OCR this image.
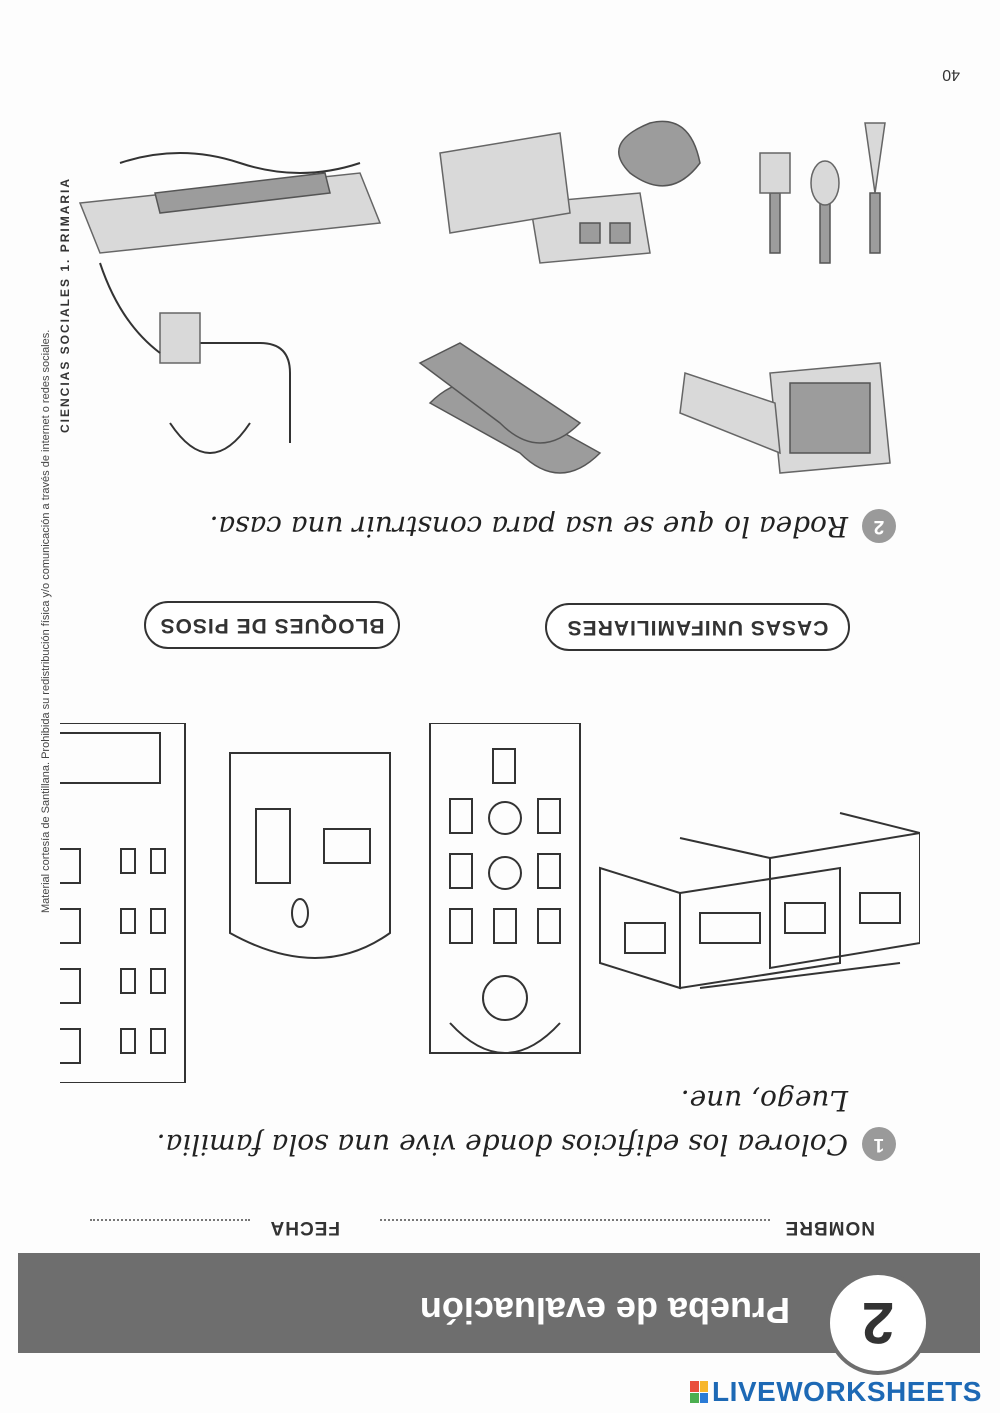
2
Prueba de evaluación
NOMBRE
FECHA
1
Colorea los edificios donde vive una sola familia.
Luego, une.
CASAS UNIFAMILIARES
BLOQUES DE PISOS
2
Rodea lo que se usa para construir una casa.
CIENCIAS SOCIALES 1. PRIMARIA
Material cortesía de Santillana. Prohibida su redistribución física y/o comunicación a través de internet o redes sociales.
40
LIVEWORKSHEETS
